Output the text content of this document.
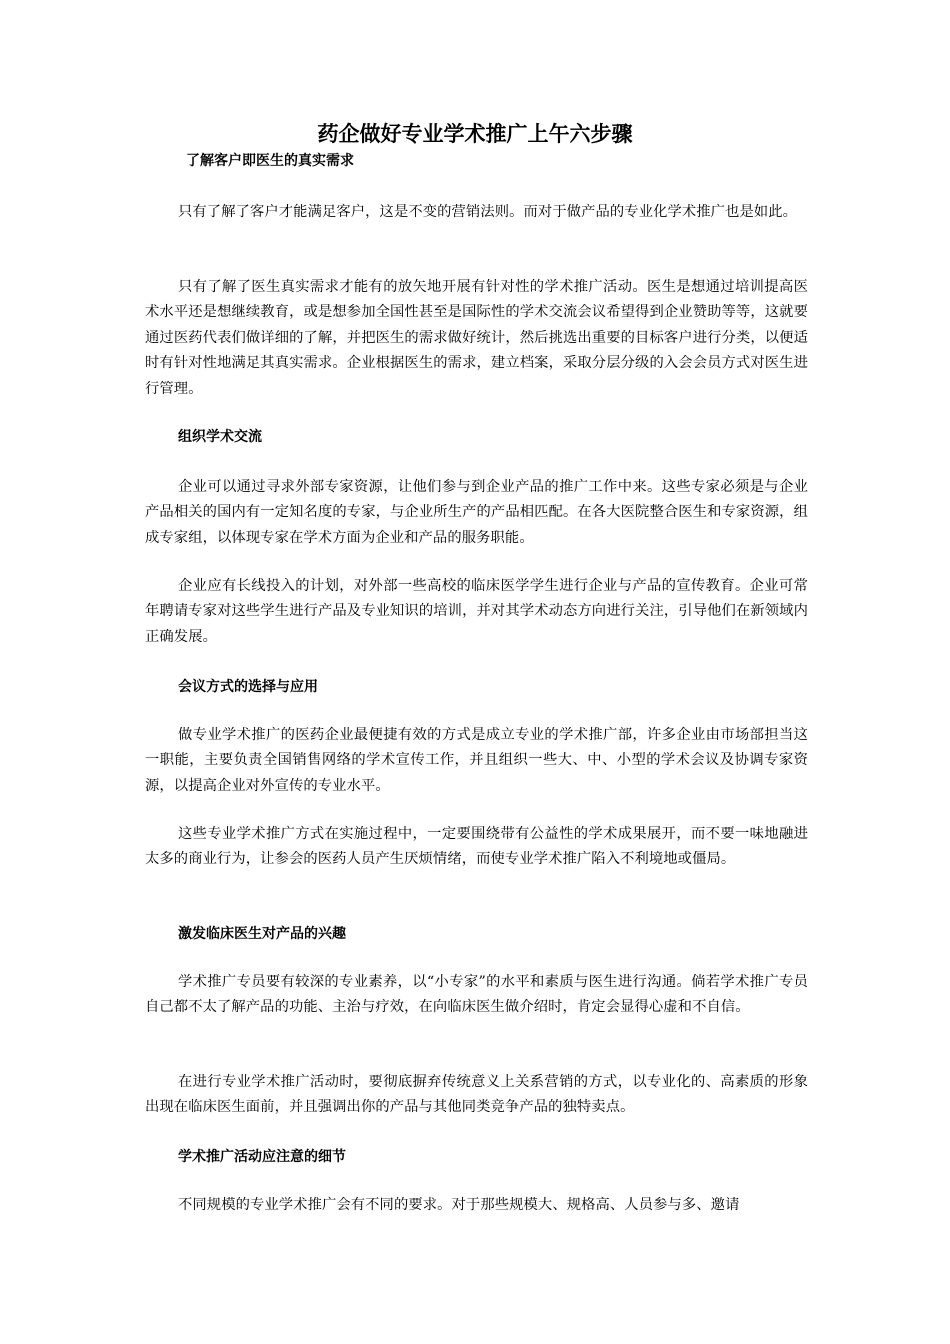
药企做好专业学术推广上午六步骤
了解客户即医生的真实需求

只有了解了客户才能满足客户，这是不变的营销法则。而对于做产品的专业化学术推广也是如此。

只有了解了医生真实需求才能有的放矢地开展有针对性的学术推广活动。医生是想通过培训提高医术水平还是想继续教育，或是想参加全国性甚至是国际性的学术交流会议希望得到企业赞助等等，这就要通过医药代表们做详细的了解，并把医生的需求做好统计，然后挑选出重要的目标客户进行分类，以便适时有针对性地满足其真实需求。企业根据医生的需求，建立档案，采取分层分级的入会会员方式对医生进行管理。

组织学术交流

企业可以通过寻求外部专家资源，让他们参与到企业产品的推广工作中来。这些专家必须是与企业产品相关的国内有一定知名度的专家，与企业所生产的产品相匹配。在各大医院整合医生和专家资源，组成专家组，以体现专家在学术方面为企业和产品的服务职能。

企业应有长线投入的计划，对外部一些高校的临床医学学生进行企业与产品的宣传教育。企业可常年聘请专家对这些学生进行产品及专业知识的培训，并对其学术动态方向进行关注，引导他们在新领域内正确发展。

会议方式的选择与应用

做专业学术推广的医药企业最便捷有效的方式是成立专业的学术推广部，许多企业由市场部担当这一职能，主要负责全国销售网络的学术宣传工作，并且组织一些大、中、小型的学术会议及协调专家资源，以提高企业对外宣传的专业水平。

这些专业学术推广方式在实施过程中，一定要围绕带有公益性的学术成果展开，而不要一味地融进太多的商业行为，让参会的医药人员产生厌烦情绪，而使专业学术推广陷入不利境地或僵局。

激发临床医生对产品的兴趣

学术推广专员要有较深的专业素养，以“小专家”的水平和素质与医生进行沟通。倘若学术推广专员自己都不太了解产品的功能、主治与疗效，在向临床医生做介绍时，肯定会显得心虚和不自信。

在进行专业学术推广活动时，要彻底摒弃传统意义上关系营销的方式，以专业化的、高素质的形象出现在临床医生面前，并且强调出你的产品与其他同类竞争产品的独特卖点。

学术推广活动应注意的细节

不同规模的专业学术推广会有不同的要求。对于那些规模大、规格高、人员参与多、邀请
